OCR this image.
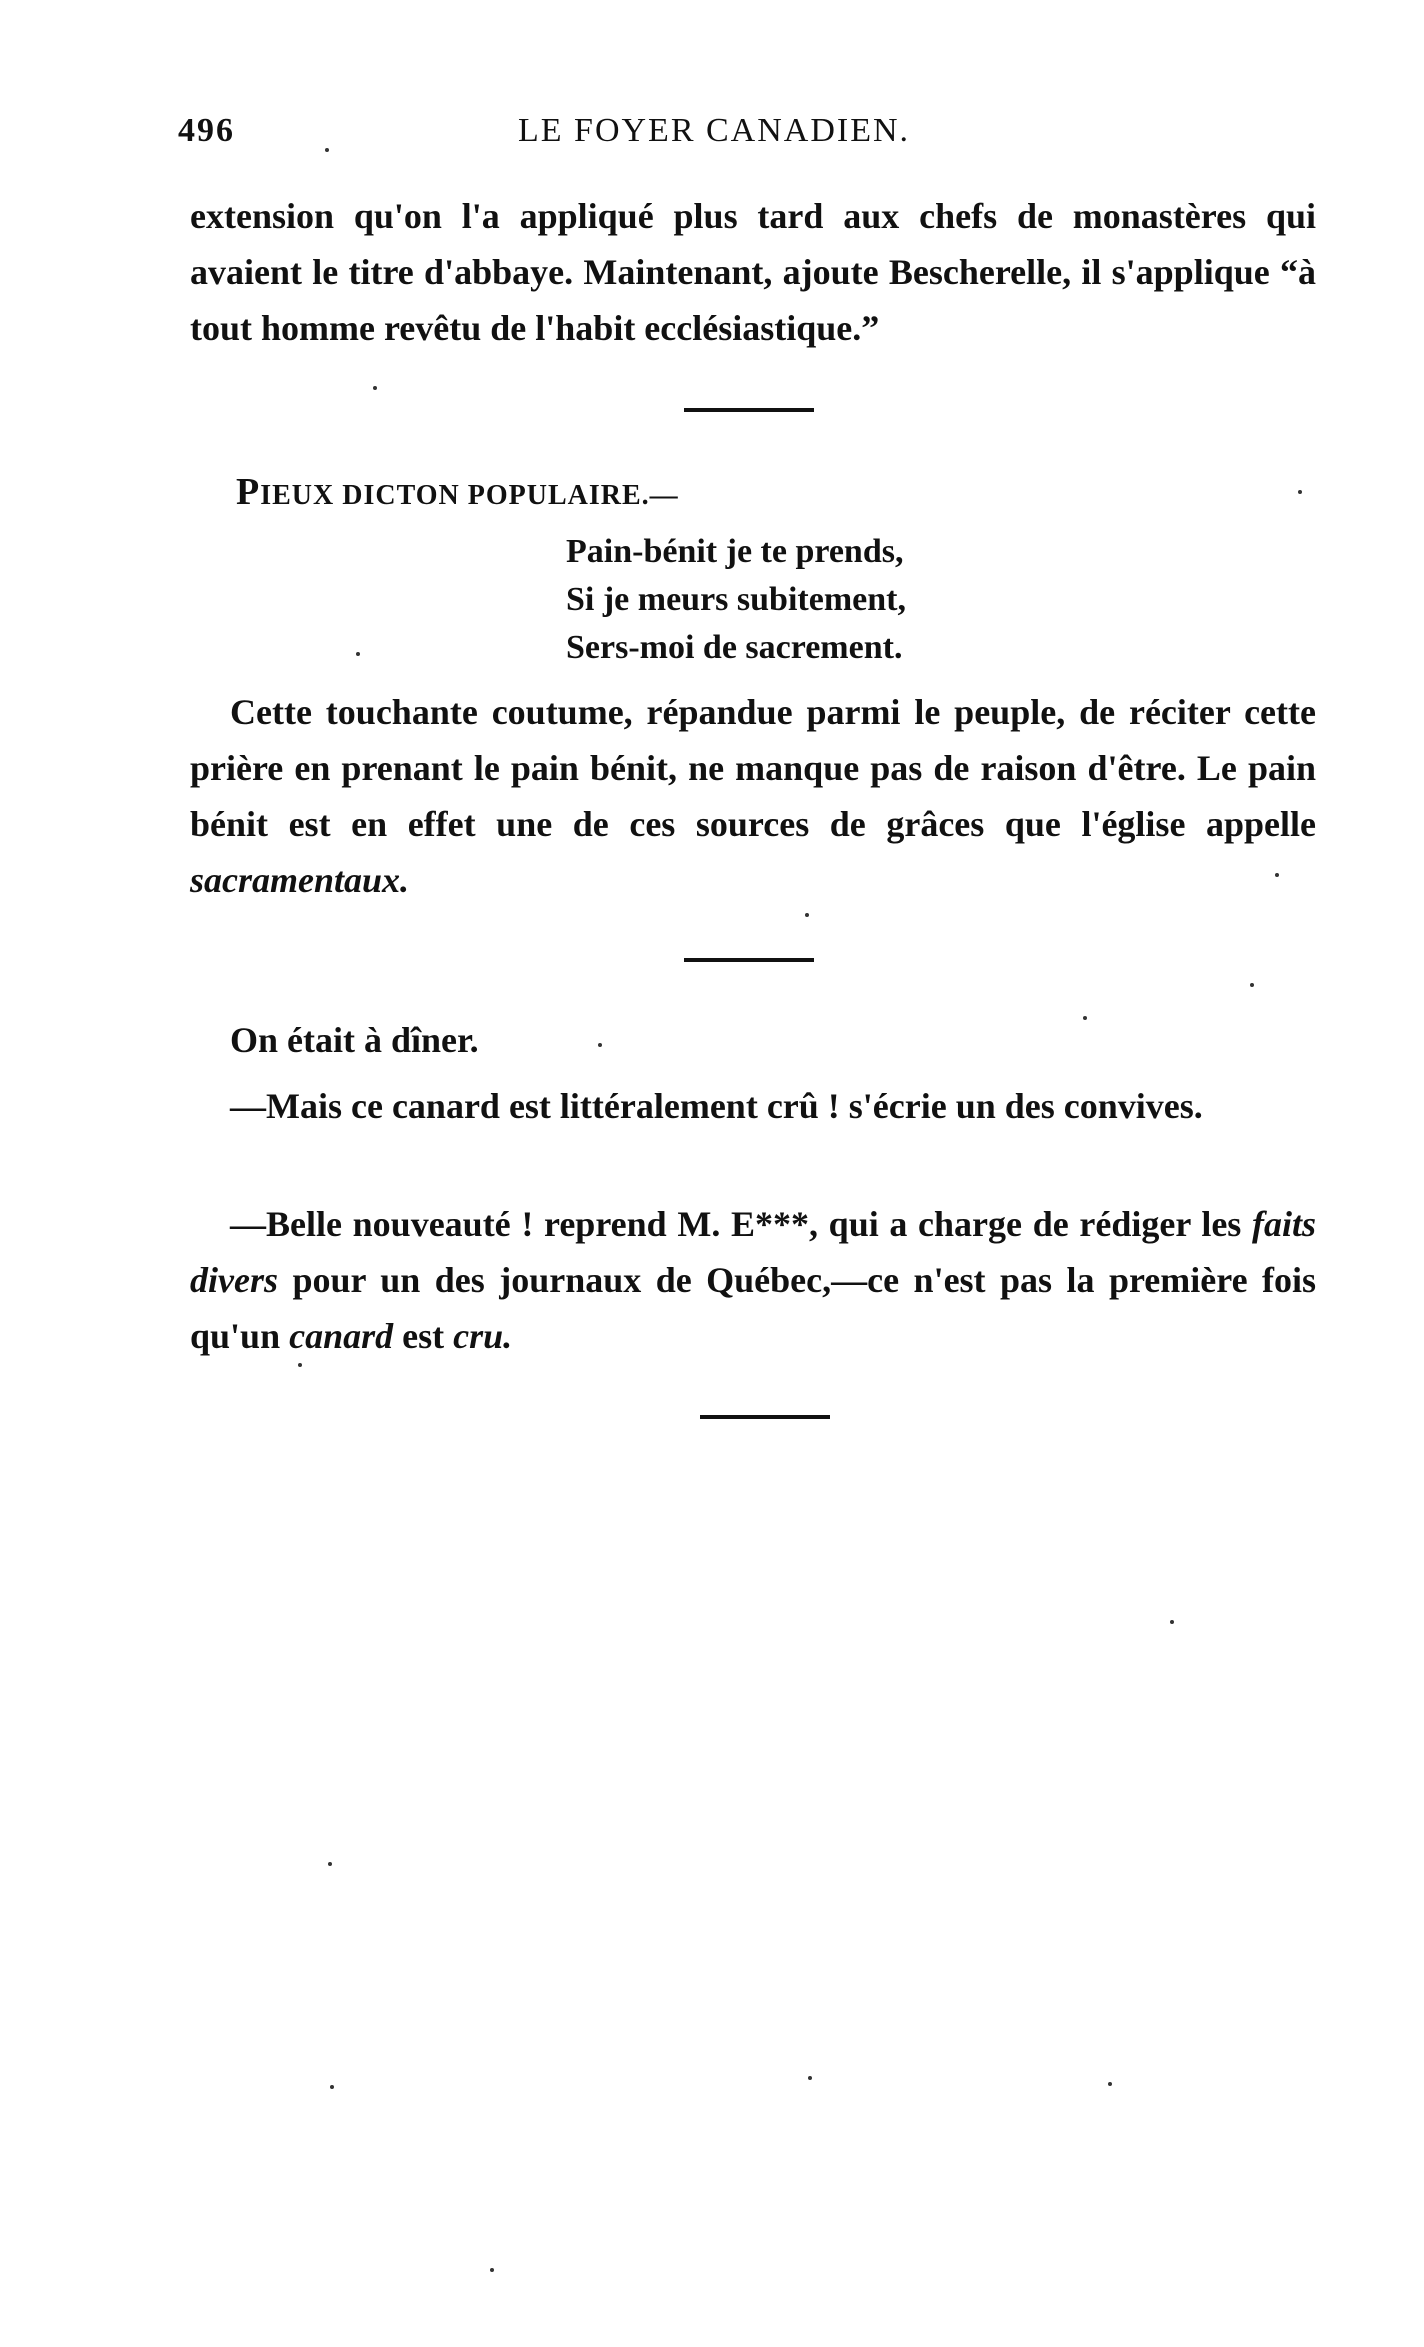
496	LE FOYER CANADIEN.

extension qu'on l'a appliqué plus tard aux chefs de monastères qui avaient le titre d'abbaye. Maintenant, ajoute Bescherelle, il s'applique “à tout homme revêtu de l'habit ecclésiastique.”

PIEUX DICTON POPULAIRE.—
Pain-bénit je te prends,
Si je meurs subitement,
Sers-moi de sacrement.

Cette touchante coutume, répandue parmi le peuple, de réciter cette prière en prenant le pain bénit, ne manque pas de raison d'être. Le pain bénit est en effet une de ces sources de grâces que l'église appelle sacramentaux.

On était à dîner.

—Mais ce canard est littéralement crû ! s'écrie un des convives.

—Belle nouveauté ! reprend M. E***, qui a charge de rédiger les faits divers pour un des journaux de Québec,—ce n'est pas la première fois qu'un canard est cru.
